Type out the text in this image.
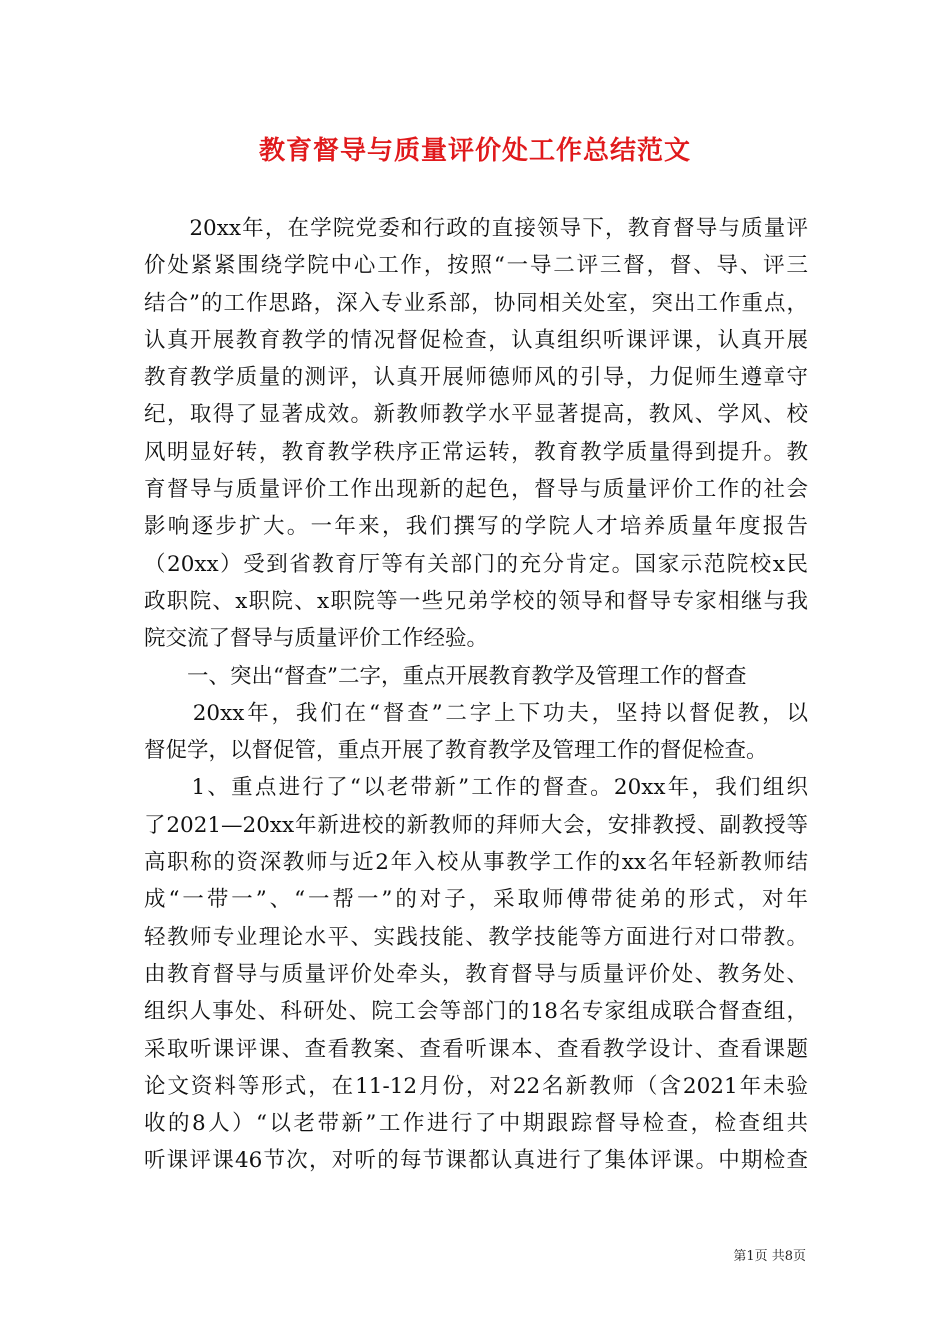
教育督导与质量评价处工作总结范文
　　20xx年，在学院党委和行政的直接领导下，教育督导与质量评
价处紧紧围绕学院中心工作，按照“一导二评三督，督、导、评三
结合”的工作思路，深入专业系部，协同相关处室，突出工作重点，
认真开展教育教学的情况督促检查，认真组织听课评课，认真开展
教育教学质量的测评，认真开展师德师风的引导，力促师生遵章守
纪，取得了显著成效。新教师教学水平显著提高，教风、学风、校
风明显好转，教育教学秩序正常运转，教育教学质量得到提升。教
育督导与质量评价工作出现新的起色，督导与质量评价工作的社会
影响逐步扩大。一年来，我们撰写的学院人才培养质量年度报告
（20xx）受到省教育厅等有关部门的充分肯定。国家示范院校x民
政职院、x职院、x职院等一些兄弟学校的领导和督导专家相继与我
院交流了督导与质量评价工作经验。
　　一、突出“督查”二字，重点开展教育教学及管理工作的督查
　　20xx年，我们在“督查”二字上下功夫，坚持以督促教，以
督促学，以督促管，重点开展了教育教学及管理工作的督促检查。
　　1、重点进行了“以老带新”工作的督查。20xx年，我们组织
了2021—20xx年新进校的新教师的拜师大会，安排教授、副教授等
高职称的资深教师与近2年入校从事教学工作的xx名年轻新教师结
成“一带一”、“一帮一”的对子，采取师傅带徒弟的形式，对年
轻教师专业理论水平、实践技能、教学技能等方面进行对口带教。
由教育督导与质量评价处牵头，教育督导与质量评价处、教务处、
组织人事处、科研处、院工会等部门的18名专家组成联合督查组，
采取听课评课、查看教案、查看听课本、查看教学设计、查看课题
论文资料等形式，在11-12月份，对22名新教师（含2021年未验
收的8人）“以老带新”工作进行了中期跟踪督导检查，检查组共
听课评课46节次，对听的每节课都认真进行了集体评课。中期检查
第1页 共8页
